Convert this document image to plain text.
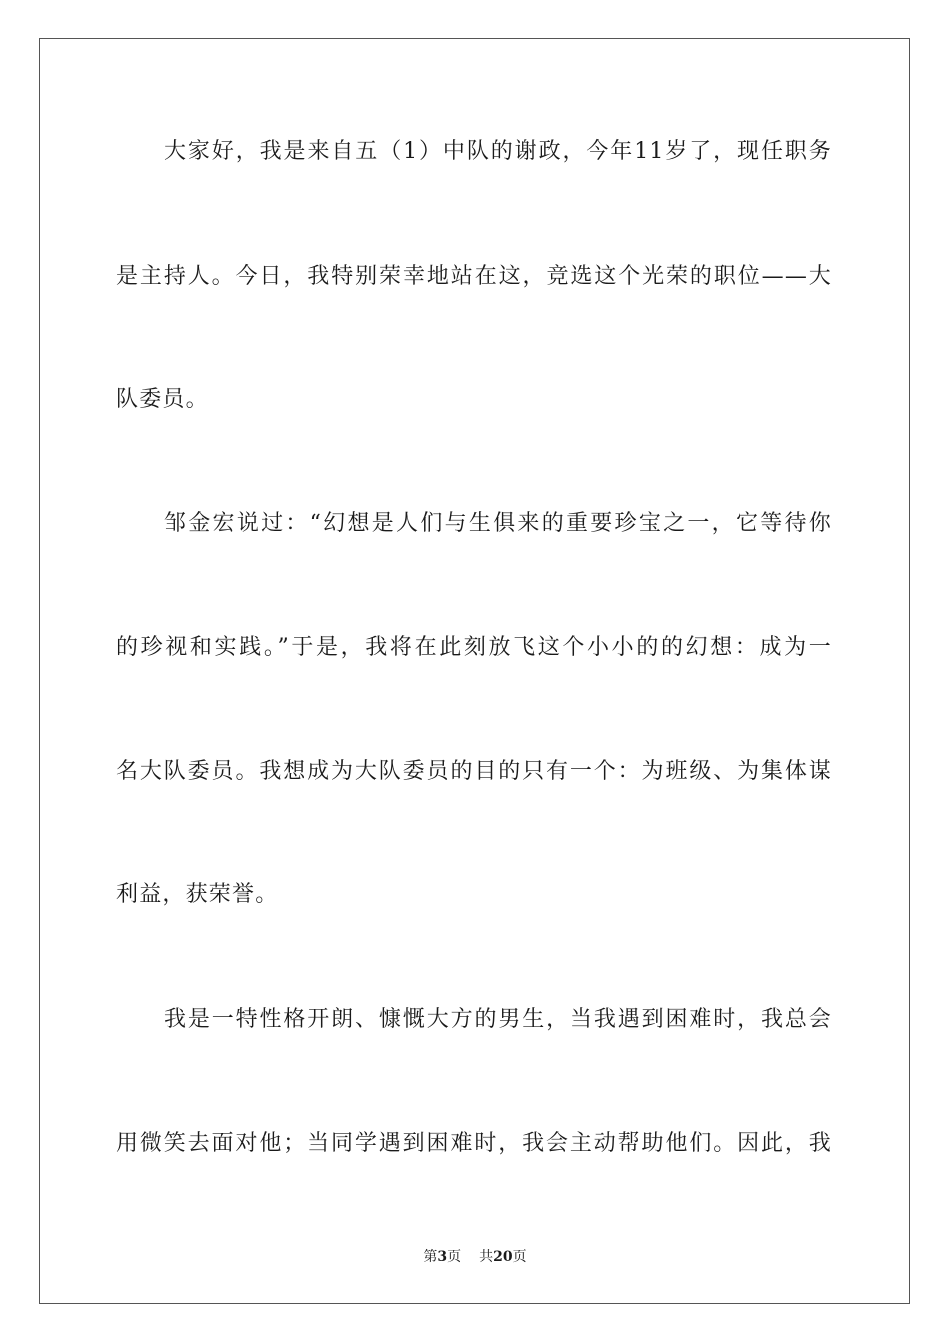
大家好，我是来自五（1）中队的谢政，今年11岁了，现任职务
是主持人。今日，我特别荣幸地站在这，竞选这个光荣的职位——大
队委员。
邹金宏说过：“幻想是人们与生俱来的重要珍宝之一，它等待你
的珍视和实践。”于是，我将在此刻放飞这个小小的的幻想：成为一
名大队委员。我想成为大队委员的目的只有一个：为班级、为集体谋
利益，获荣誉。
我是一特性格开朗、慷慨大方的男生，当我遇到困难时，我总会
用微笑去面对他；当同学遇到困难时，我会主动帮助他们。因此，我
第3页 共20页
